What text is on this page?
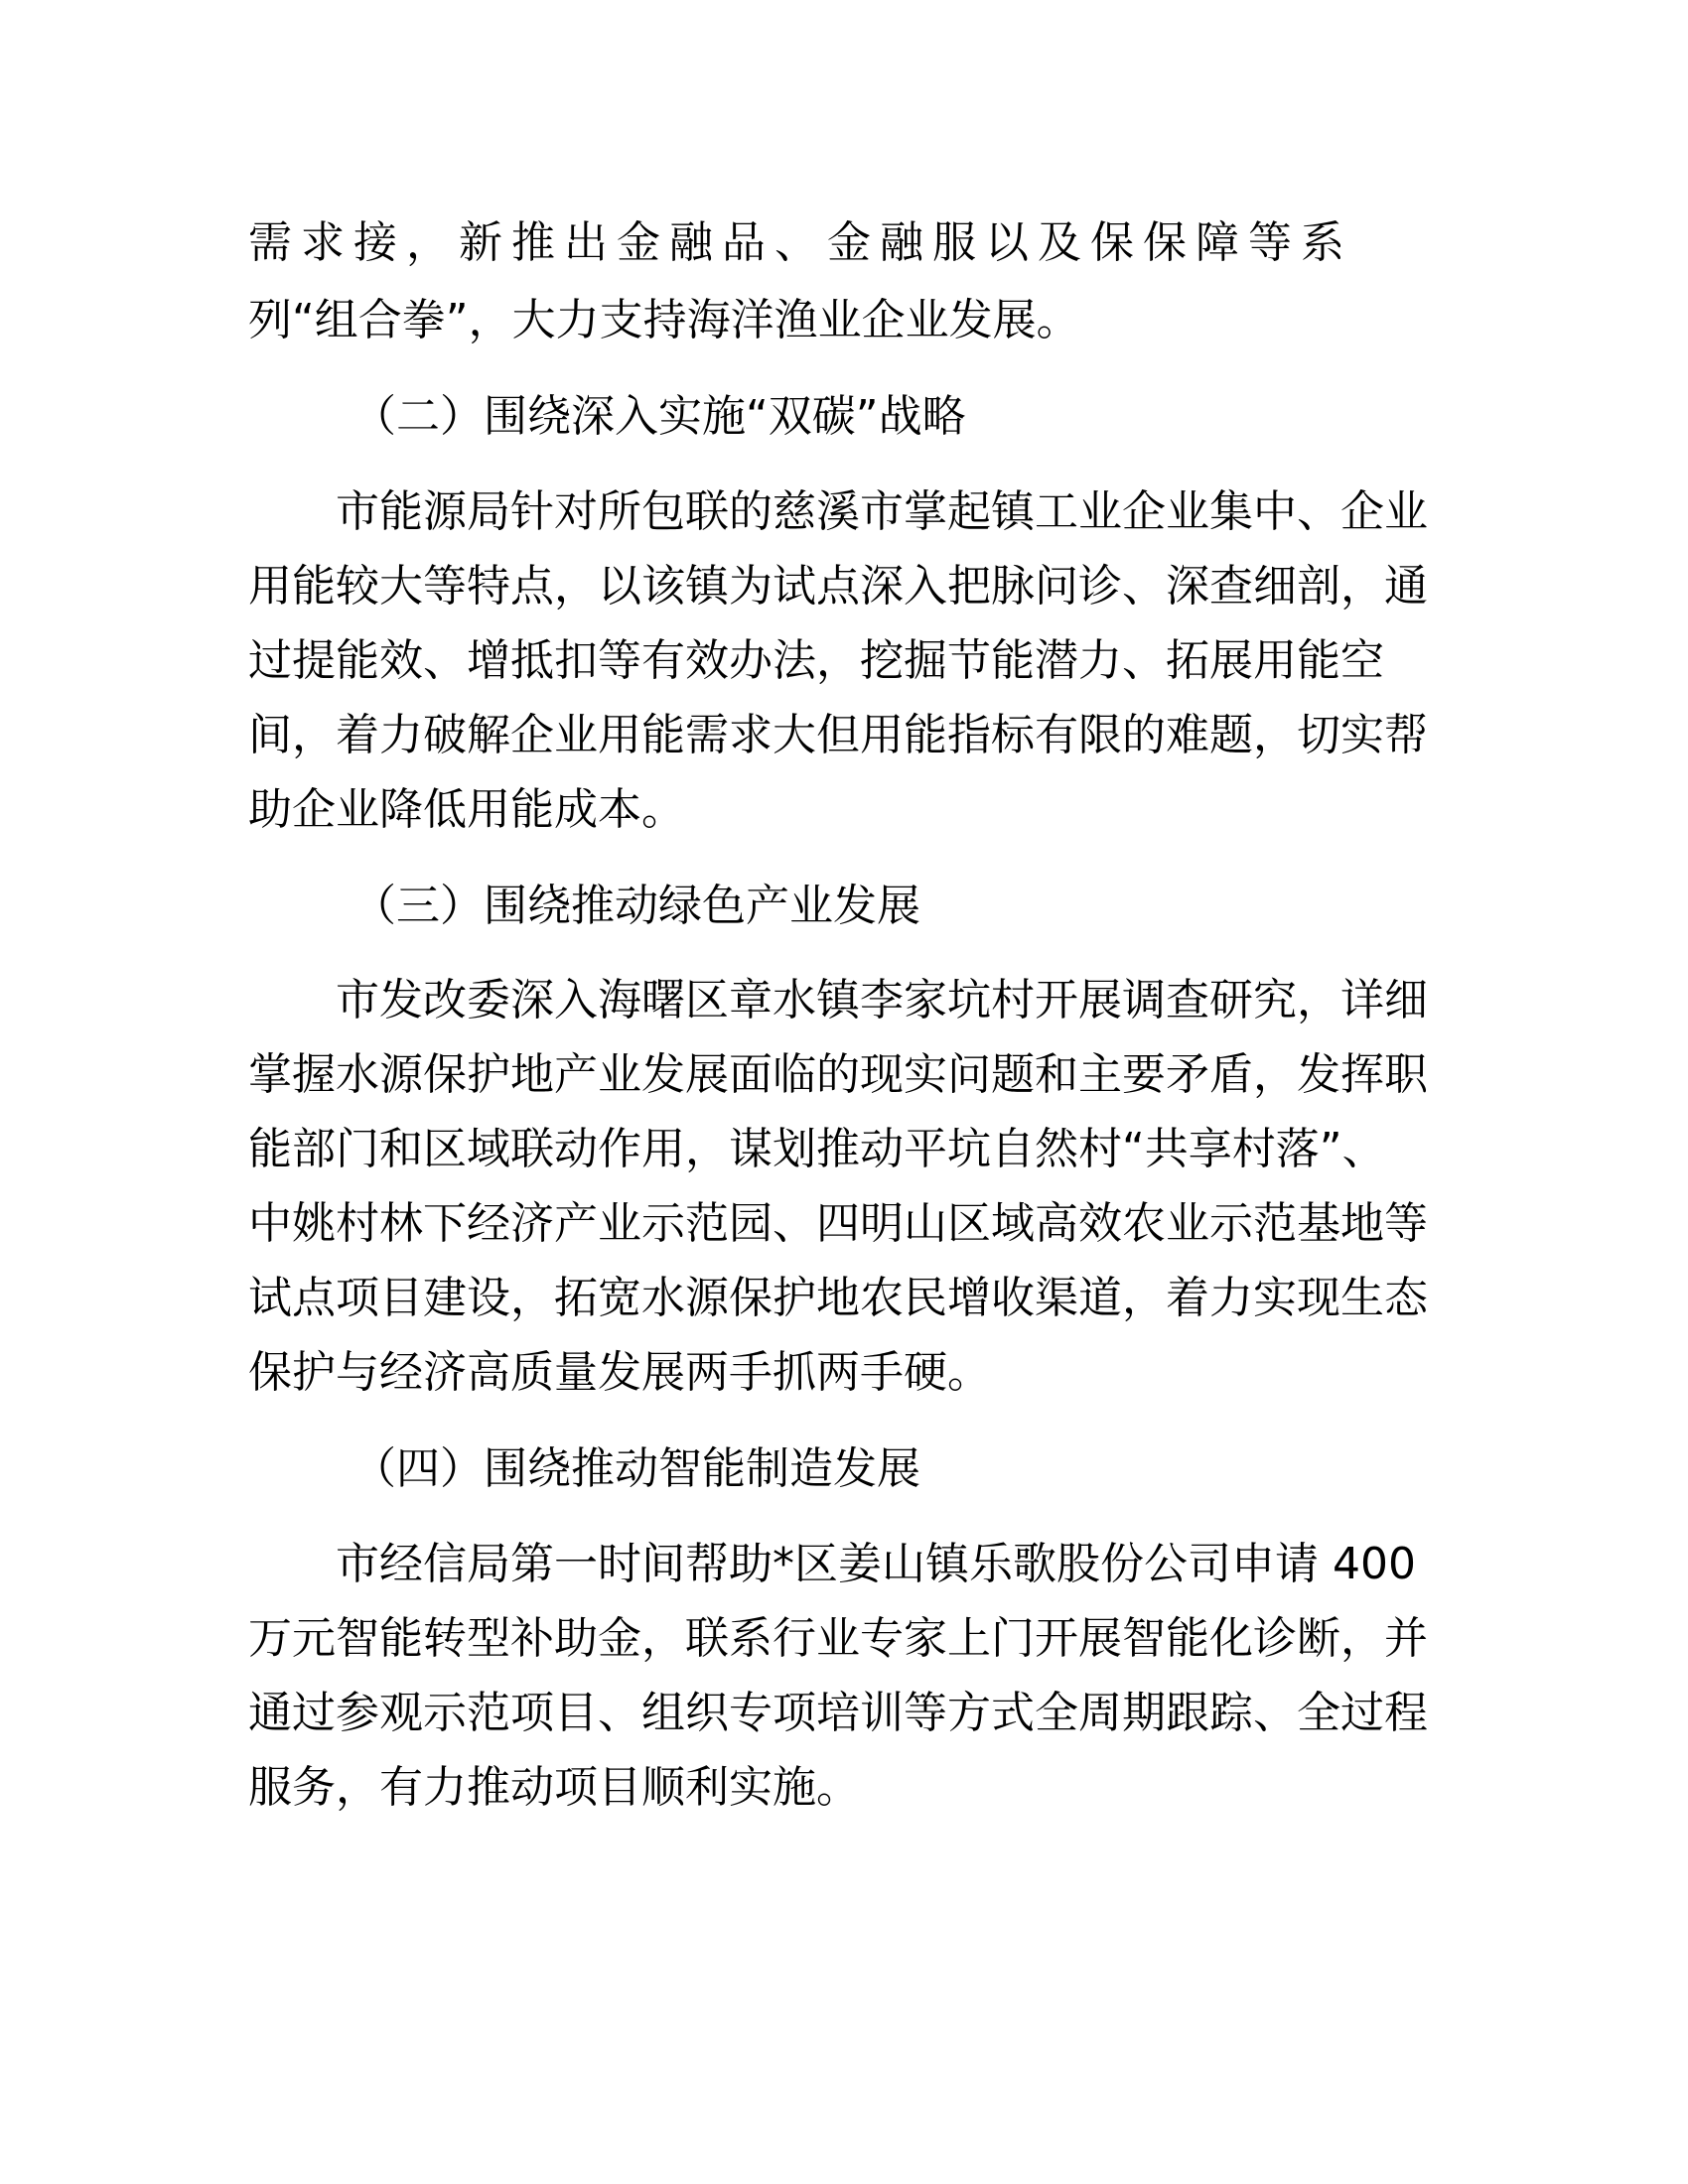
需求接，新推出金融品、金融服以及保保障等系
列“组合拳”，大力支持海洋渔业企业发展。
（二）围绕深入实施“双碳”战略
市能源局针对所包联的慈溪市掌起镇工业企业集中、企业
用能较大等特点，以该镇为试点深入把脉问诊、深查细剖，通
过提能效、增抵扣等有效办法，挖掘节能潜力、拓展用能空
间，着力破解企业用能需求大但用能指标有限的难题，切实帮
助企业降低用能成本。
（三）围绕推动绿色产业发展
市发改委深入海曙区章水镇李家坑村开展调查研究，详细
掌握水源保护地产业发展面临的现实问题和主要矛盾，发挥职
能部门和区域联动作用，谋划推动平坑自然村“共享村落”、
中姚村林下经济产业示范园、四明山区域高效农业示范基地等
试点项目建设，拓宽水源保护地农民增收渠道，着力实现生态
保护与经济高质量发展两手抓两手硬。
（四）围绕推动智能制造发展
市经信局第一时间帮助*区姜山镇乐歌股份公司申请 400
万元智能转型补助金，联系行业专家上门开展智能化诊断，并
通过参观示范项目、组织专项培训等方式全周期跟踪、全过程
服务，有力推动项目顺利实施。
